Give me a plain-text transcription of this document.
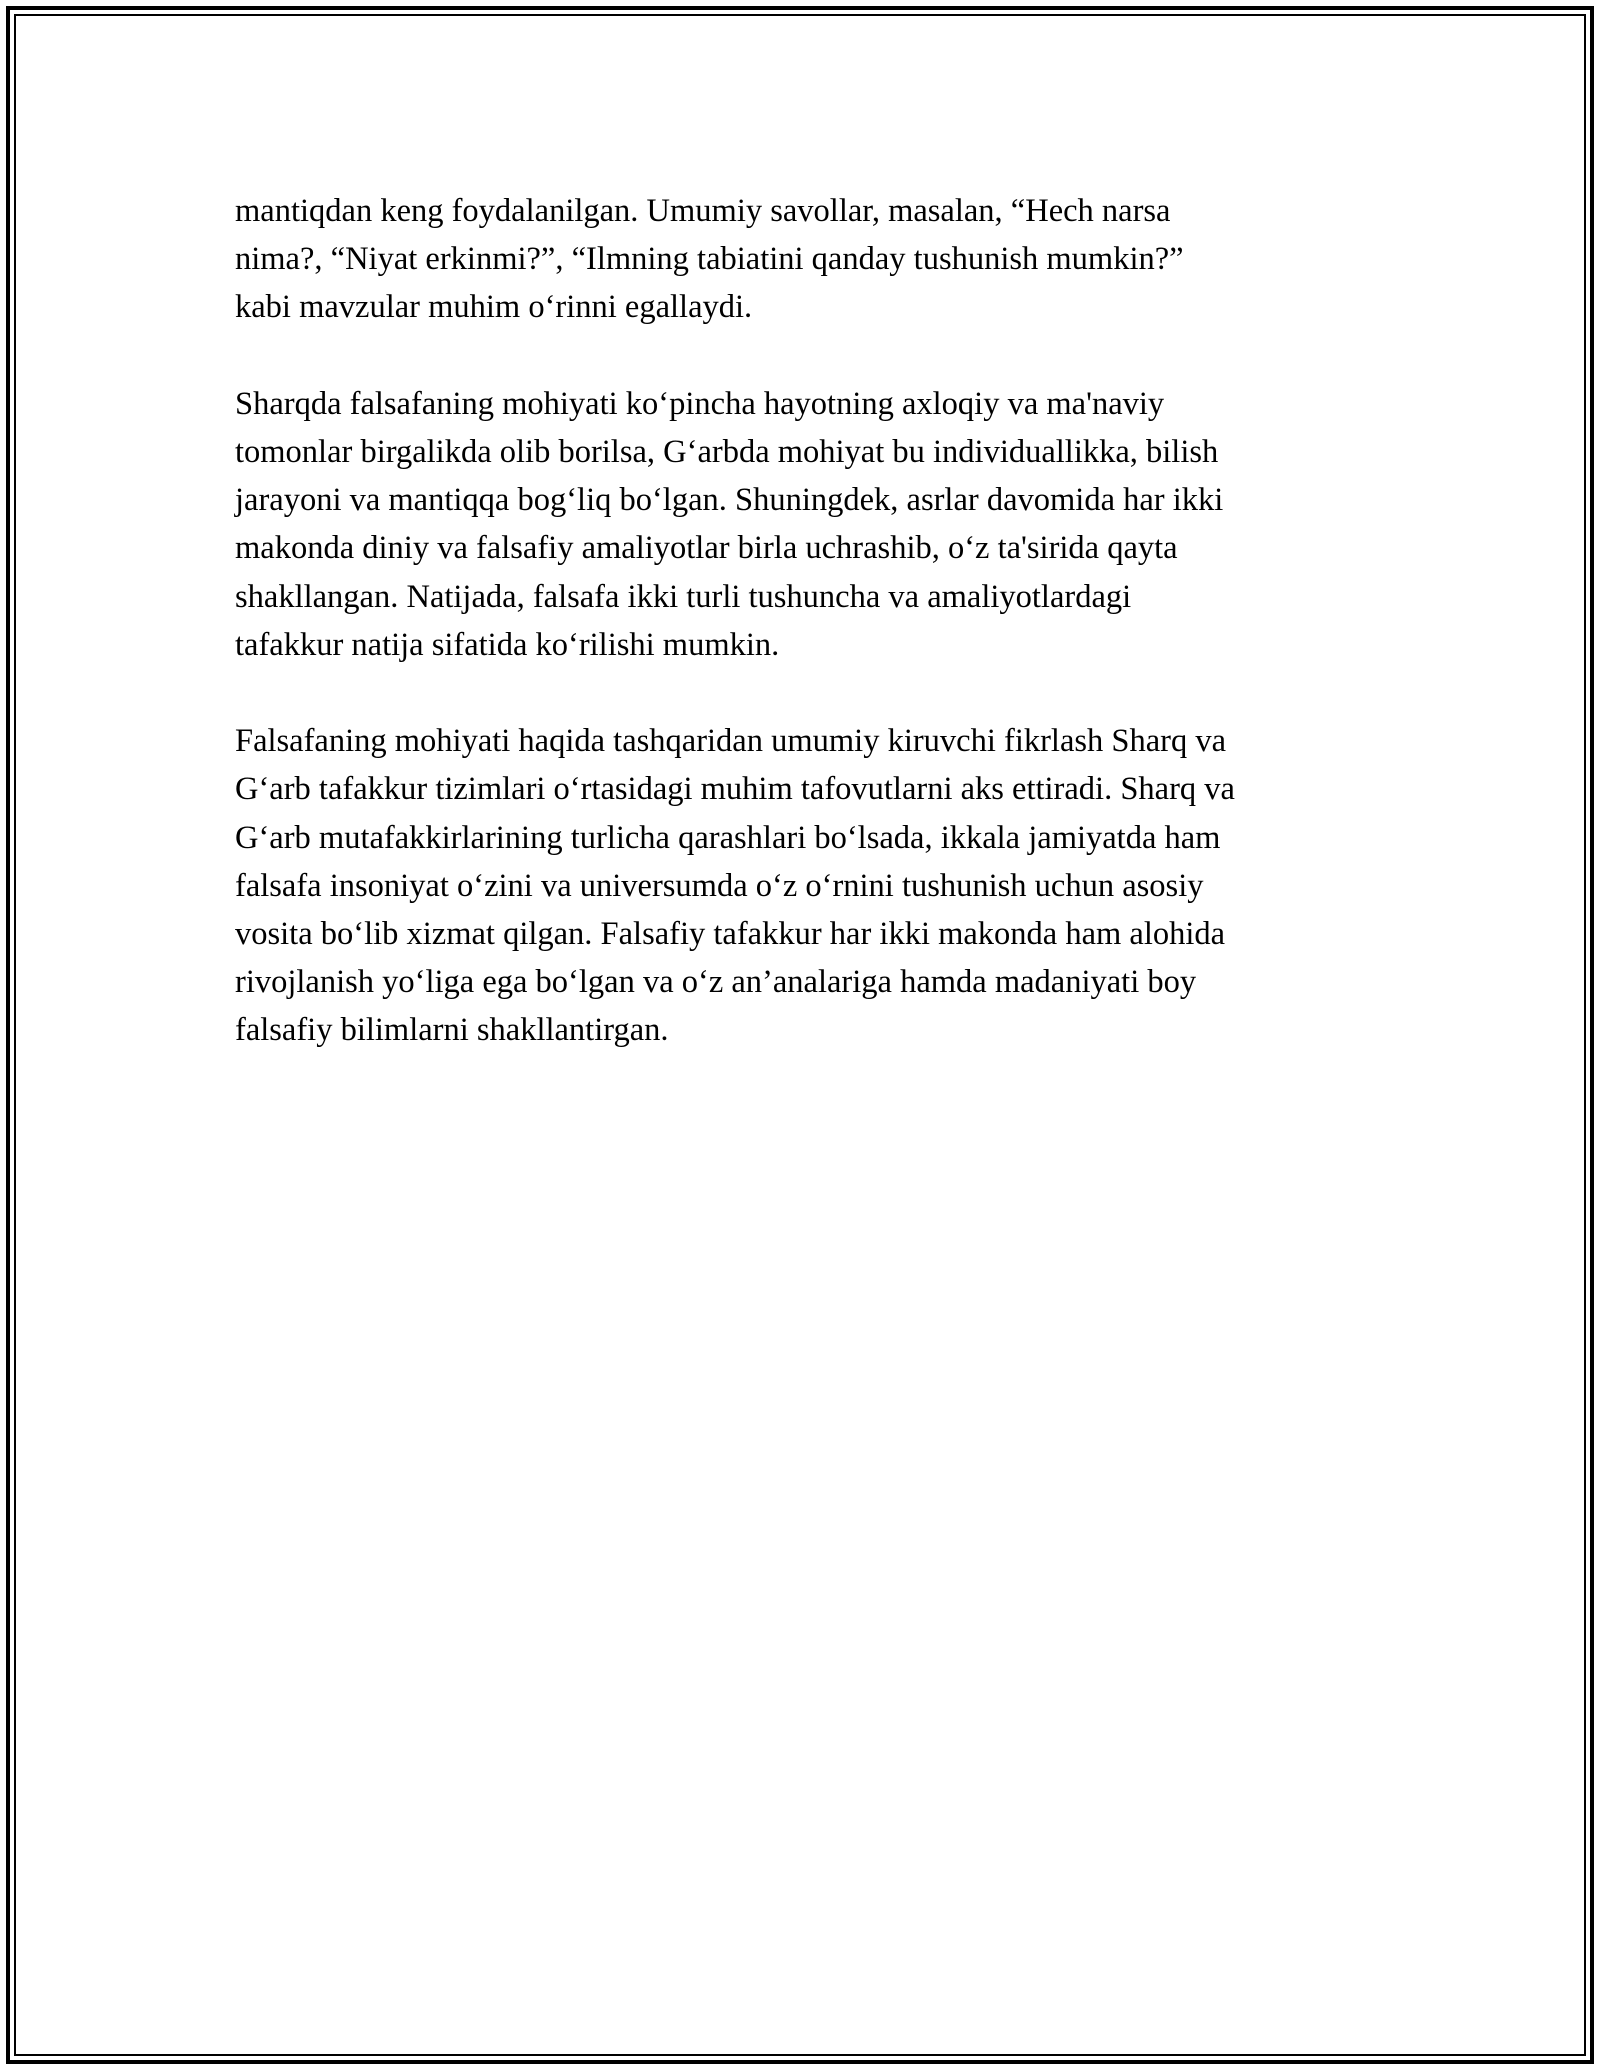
mantiqdan keng foydalanilgan. Umumiy savollar, masalan, “Hech narsa
nima?, “Niyat erkinmi?”, “Ilmning tabiatini qanday tushunish mumkin?”
kabi mavzular muhim o‘rinni egallaydi.

Sharqda falsafaning mohiyati ko‘pincha hayotning axloqiy va ma'naviy
tomonlar birgalikda olib borilsa, G‘arbda mohiyat bu individuallikka, bilish
jarayoni va mantiqqa bog‘liq bo‘lgan. Shuningdek, asrlar davomida har ikki
makonda diniy va falsafiy amaliyotlar birla uchrashib, o‘z ta'sirida qayta
shakllangan. Natijada, falsafa ikki turli tushuncha va amaliyotlardagi
tafakkur natija sifatida ko‘rilishi mumkin.

Falsafaning mohiyati haqida tashqaridan umumiy kiruvchi fikrlash Sharq va
G‘arb tafakkur tizimlari o‘rtasidagi muhim tafovutlarni aks ettiradi. Sharq va
G‘arb mutafakkirlarining turlicha qarashlari bo‘lsada, ikkala jamiyatda ham
falsafa insoniyat o‘zini va universumda o‘z o‘rnini tushunish uchun asosiy
vosita bo‘lib xizmat qilgan. Falsafiy tafakkur har ikki makonda ham alohida
rivojlanish yo‘liga ega bo‘lgan va o‘z an’analariga hamda madaniyati boy
falsafiy bilimlarni shakllantirgan.
